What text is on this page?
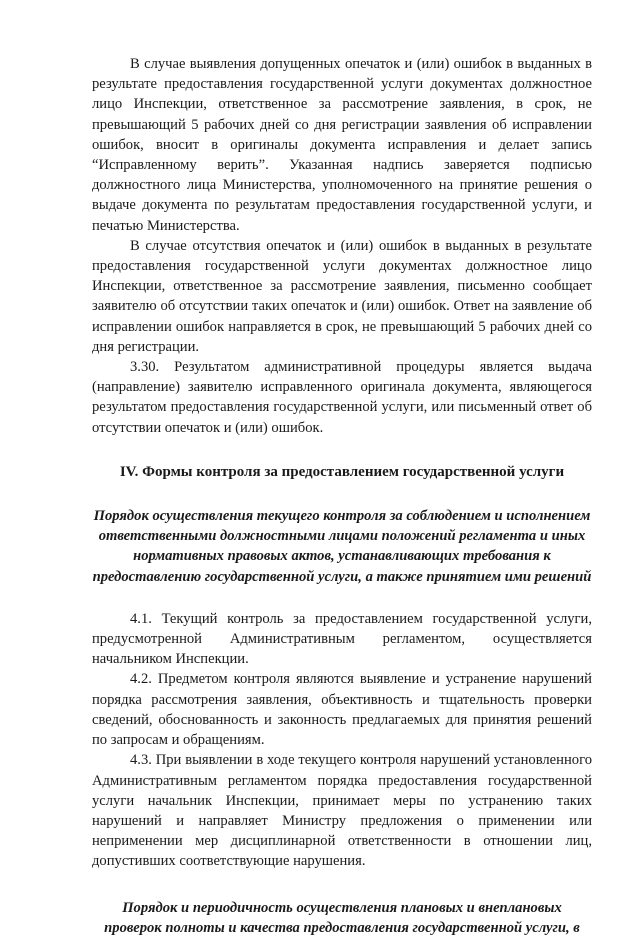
В случае выявления допущенных опечаток и (или) ошибок в выданных в результате предоставления государственной услуги документах должностное лицо Инспекции, ответственное за рассмотрение заявления, в срок, не превышающий 5 рабочих дней со дня регистрации заявления об исправлении ошибок, вносит в оригиналы документа исправления и делает запись “Исправленному верить”. Указанная надпись заверяется подписью должностного лица Министерства, уполномоченного на принятие решения о выдаче документа по результатам предоставления государственной услуги, и печатью Министерства.

В случае отсутствия опечаток и (или) ошибок в выданных в результате предоставления государственной услуги документах должностное лицо Инспекции, ответственное за рассмотрение заявления, письменно сообщает заявителю об отсутствии таких опечаток и (или) ошибок. Ответ на заявление об исправлении ошибок направляется в срок, не превышающий 5 рабочих дней со дня регистрации.

3.30. Результатом административной процедуры является выдача (направление) заявителю исправленного оригинала документа, являющегося результатом предоставления государственной услуги, или письменный ответ об отсутствии опечаток и (или) ошибок.

IV. Формы контроля за предоставлением государственной услуги
Порядок осуществления текущего контроля за соблюдением и исполнением ответственными должностными лицами положений регламента и иных нормативных правовых актов, устанавливающих требования к предоставлению государственной услуги, а также принятием ими решений

4.1. Текущий контроль за предоставлением государственной услуги, предусмотренной Административным регламентом, осуществляется начальником Инспекции.

4.2. Предметом контроля являются выявление и устранение нарушений порядка рассмотрения заявления, объективность и тщательность проверки сведений, обоснованность и законность предлагаемых для принятия решений по запросам и обращениям.

4.3. При выявлении в ходе текущего контроля нарушений установленного Административным регламентом порядка предоставления государственной услуги начальник Инспекции, принимает меры по устранению таких нарушений и направляет Министру предложения о применении или неприменении мер дисциплинарной ответственности в отношении лиц, допустивших соответствующие нарушения.

Порядок и периодичность осуществления плановых и внеплановых проверок полноты и качества предоставления государственной услуги, в
